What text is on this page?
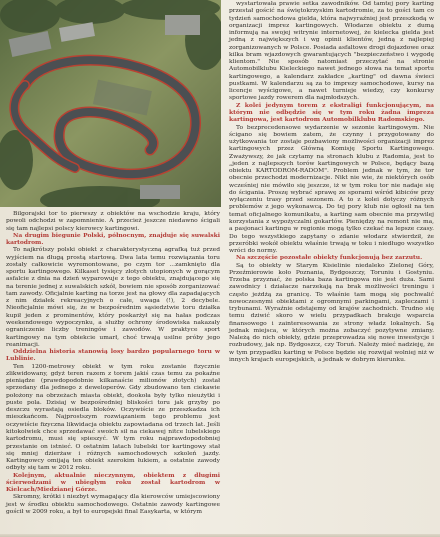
wystartowała prawie setka zawodników. Od tamtej pory karting przestał gościć na świętokrzyskim kartodromie, za to gości tam co tydzień samochodowa gielda, która najwyraźniej jest przeszkodą w organizacji imprez kartingowych. Włodarze obiektu z dumą informują na swojej witrynie internetowej, że kielecka gielda jest jedną z największych i wg opinii klientów, jedną z najlepiej zorganizowanych w Polsce. Posiada asfaltowe drogi dojazdowe oraz kilka bram wjazdowych gwarantujących "bezpieczeństwo i wygodę klientom." Nie sposób natomiast przeczytać na stronie Automobilklubu Kieleckiego nawet jednego słowa na temat sportu kartingowego, a kalendarz zakładce „karting" od dawna świeci pustkami. W kalendarzu są za to imprezy samochodowe, kursy na licencje wyścigowe, a nawet turnieje wiedzy, czy konkursy sportowe jazdy rowerem dla najmłodszych.

Z kolei jedynym torem z ekstraligi funkcjonującym, na którym nie odbędzie się w tym roku żadna impreza kartingowa, jest kartodrom Automobilklubu Radomskiego.

To bezprecedensowe wydarzenie w sezonie kartingowym. Nie ścigano się bowiem zatem, że czynny i przygotowany do użytkowania tor zostaje pozbawiony możliwości organizacji imprez kartingowych przez Główną Komisję Sportu Kartingowego. Zważywszy, że jak czytamy na stronach klubu z Radomia, jest to „jeden z najlepszych torów kartingowych w Polsce, będący bazą obiektu KARTODROM-RADOM". Problem jednak w tym, że tor obecnie przechodzi modernizacje. Nikt nie wie, że niektórych osób wcześniej nie mówiło się jeszcze, iż w tym roku tor nie nadaje się do ścigania. Proszę wybrać sprawę ze sporami wśród kibiców przy wyłączeniu trasy przed sezonem. A to z kolei dotyczy różnych problemów z jego wykonawcą. Do tej pory klub nie ogłosił na ten temat oficjalnego komunikatu, a karting sam obecnie ma przywilej korzystania z wypożyczalni gokartów. Pieniędzy na remont nie ma, a pasjonaci kartingu w regionie mogą tylko czekać na lepsze czasy. Do tego wszystkiego zapytany o zdanie włodarz stwierdził, że przeróbki wokół obiektu właśnie trwają w toku i niedługo wszystko wróci do normy.

Na szczęście pozostałe obiekty funkcjonują bez zarzutu.

Są to obiekty w Starym Kisielinie niedaleko Zielonej Góry, Przeźmierowie koło Poznania, Bydgoszczy, Toruniu i Gostyniu. Trzeba przyznać, że polska baza kartingowa nie jest duża. Sami zawodnicy i działacze narzekają na brak możliwości treningu i często jeżdżą za granicę. To właśnie tam mogą się pochwalić nowoczesnymi obiektami z ogromnymi parkingami, zapleczami i trybunami. Wyraźnie odstajemy od krajów zachodnich. Trudno się temu dziwić skoro w wielu przypadkach brakuje wsparcia finansowego i zainteresowania ze strony władz lokalnych. Są jednak miejsca, w których można zobaczyć pozytywne zmiany. Należą do nich obiekty, gdzie przeprowadza się nowe inwestycje i rozbudowy, jak np. Bydgoszcz, czy Toruń. Należy mieć nadzieję, że w tym przypadku karting w Polsce będzie się rozwijał wolniej niż w innych krajach europejskich, a jednak w dobrym kierunku.

Bilgorajski tor to pierwszy z obiektów na wschodzie kraju, który powoli odchodzi w zapomnienie. A przecież jeszcze niedawno ścigali się tam najlepsi polscy kierowcy kartingowi.

Na drugim biegunie Polski, północnym, znajduje się suwalski kartodrom.

To najkrótszy polski obiekt z charakterystyczną agrafką tuż przed wyjściem na długą prostą startową. Dwa lata temu rozwiązania toru zostały całkowicie wyremontowane, po czym tor ...zamknięto dla sportu kartingowego. Kilkaset tysięcy złotych utopionych w gorącym asfalcie z dnia na dzień wyparowuje z tego obiektu, znajdującego się na terenie jednej z suwalskich szkół, bowiem nie sposób zorganizować tam zawody. Oficjalnie karting na torze jest na głowy dla zapadających z nim działek rekreacyjnych o całe, uwaga (!), 2 decybele. Nieoficjalnie mówi się, że w bezpośrednim sąsiedztwie toru działka kupił jeden z prominentów, który poskarżył się na hałas podczas weekendowego wypoczynku, a służby ochrony środowiska nakazały ograniczenie liczby treningów i zawodów. W praktyce sport kartingowy na tym obiekcie umarł, choć trwają usilne próby jego reanimacji.

Oddzielna historia stanowią losy bardzo popularnego toru w Lublinie.

Ten 1200-metrowy obiekt w tym roku zostanie fizycznie zlikwidowany, gdyż teren razem z torem jakiś czas temu za pokaźne pieniądze (prawdopodobnie kilkanaście milionów złotych) został sprzedany dla jednego z deweloperów. Gdy zbudowano ten ciekawie położony na obrzeżach miasta obiekt, dookoła były tylko nieużytki i puste pola. Dzisiaj w bezpośredniej bliskości toru jak grzyby po deszczu wyrastają osiedla bloków. Oczywiście ze przeszkadza ich mieszkańcom. Najprostszym rozwiązaniem tego problemu jest oczywiście fizyczna likwidacja obiektu zapowiadana od trzech lat. Jeśli kitokolwiek chce sprzedawać swoich sił na ciekawej nitce lubelskiego kartodromu, musi się spieszyć. W tym roku najprawdopodobniej przestanie on istnieć. O ostatnim latach lubelski tor kartingowy stał się mniej dzierżaw i różnych samochodowych szkoleń jazdy. Kartingowcy omijają ten obiekt szerokim łukiem, a ostatnie zawody odbyły się tam w 2012 roku.

Kolejnym, aktualnie nieczynnym, obiektem z długimi ścierwodzami w ubiegłym roku został kartodrom w Kielcach/Miedzianej Górze.

Skromny, krótki i niezbyt wymagający dla kierowców umiejscowiony jest w środku obiektu samochodowego. Ostatnie zawody kartingowe gościł w 2009 roku, a był to europejski final Easykarta, w którym
